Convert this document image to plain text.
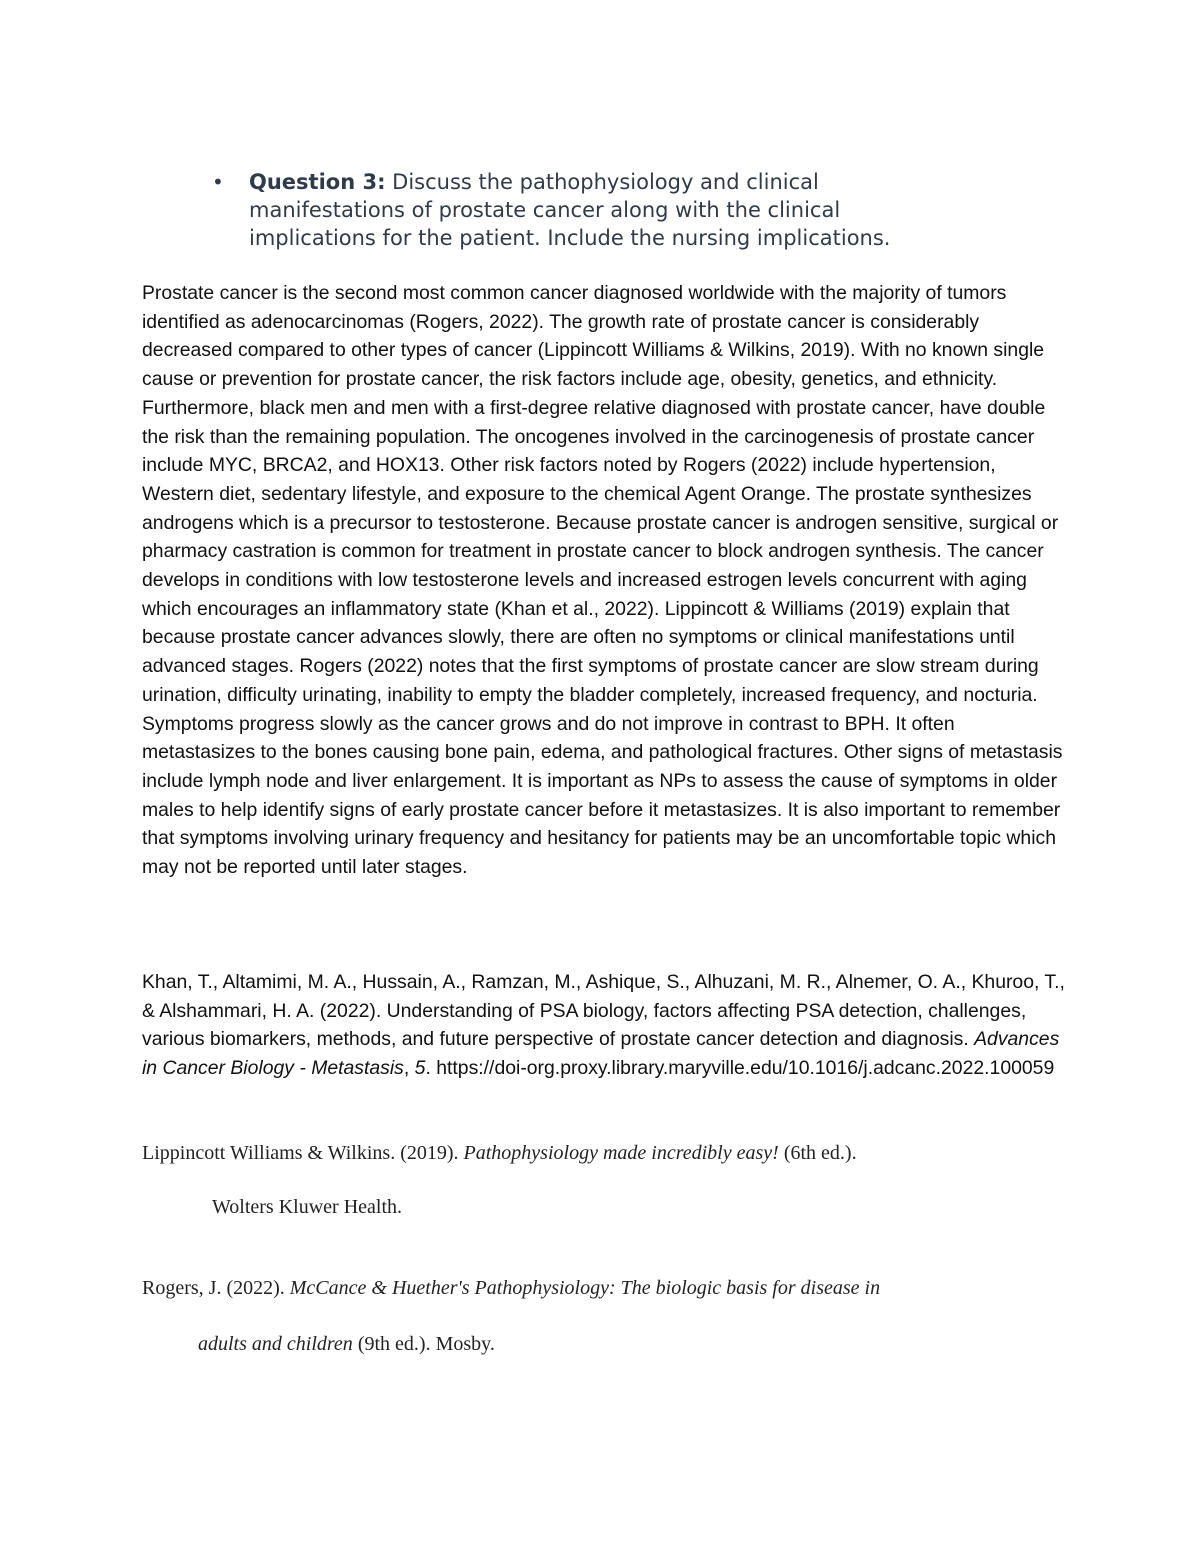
• Question 3: Discuss the pathophysiology and clinical manifestations of prostate cancer along with the clinical implications for the patient. Include the nursing implications.

Prostate cancer is the second most common cancer diagnosed worldwide with the majority of tumors identified as adenocarcinomas (Rogers, 2022). The growth rate of prostate cancer is considerably decreased compared to other types of cancer (Lippincott Williams & Wilkins, 2019). With no known single cause or prevention for prostate cancer, the risk factors include age, obesity, genetics, and ethnicity. Furthermore, black men and men with a first-degree relative diagnosed with prostate cancer, have double the risk than the remaining population. The oncogenes involved in the carcinogenesis of prostate cancer include MYC, BRCA2, and HOX13. Other risk factors noted by Rogers (2022) include hypertension, Western diet, sedentary lifestyle, and exposure to the chemical Agent Orange. The prostate synthesizes androgens which is a precursor to testosterone. Because prostate cancer is androgen sensitive, surgical or pharmacy castration is common for treatment in prostate cancer to block androgen synthesis. The cancer develops in conditions with low testosterone levels and increased estrogen levels concurrent with aging which encourages an inflammatory state (Khan et al., 2022). Lippincott & Williams (2019) explain that because prostate cancer advances slowly, there are often no symptoms or clinical manifestations until advanced stages. Rogers (2022) notes that the first symptoms of prostate cancer are slow stream during urination, difficulty urinating, inability to empty the bladder completely, increased frequency, and nocturia. Symptoms progress slowly as the cancer grows and do not improve in contrast to BPH. It often metastasizes to the bones causing bone pain, edema, and pathological fractures. Other signs of metastasis include lymph node and liver enlargement. It is important as NPs to assess the cause of symptoms in older males to help identify signs of early prostate cancer before it metastasizes. It is also important to remember that symptoms involving urinary frequency and hesitancy for patients may be an uncomfortable topic which may not be reported until later stages.

Khan, T., Altamimi, M. A., Hussain, A., Ramzan, M., Ashique, S., Alhuzani, M. R., Alnemer, O. A., Khuroo, T., & Alshammari, H. A. (2022). Understanding of PSA biology, factors affecting PSA detection, challenges, various biomarkers, methods, and future perspective of prostate cancer detection and diagnosis. Advances in Cancer Biology - Metastasis, 5. https://doi-org.proxy.library.maryville.edu/10.1016/j.adcanc.2022.100059

Lippincott Williams & Wilkins. (2019). Pathophysiology made incredibly easy! (6th ed.).

Wolters Kluwer Health.

Rogers, J. (2022). McCance & Huether's Pathophysiology: The biologic basis for disease in

adults and children (9th ed.). Mosby.
